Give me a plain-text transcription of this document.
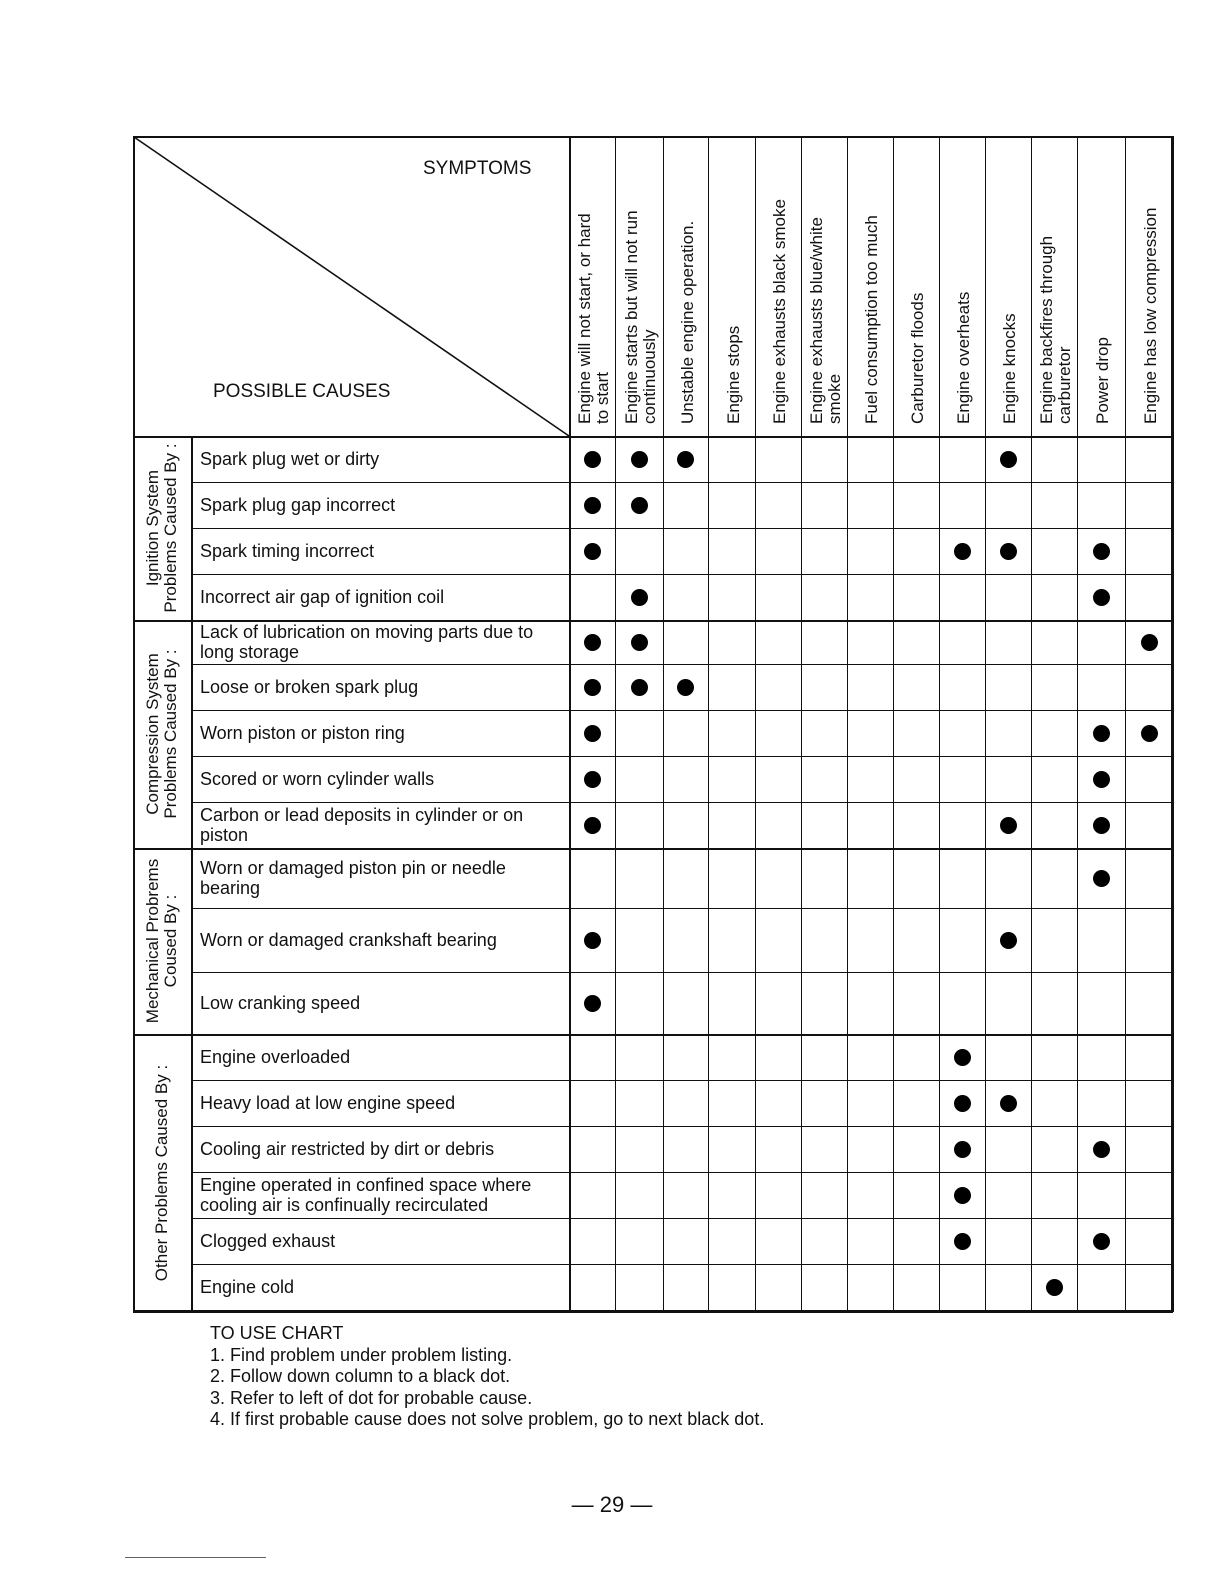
SYMPTOMS
POSSIBLE CAUSES	Engine will not start, or hard to start Engine starts but will not run continuously Unstable engine operation. Engine stops Engine exhausts black smoke Engine exhausts blue/white smoke Fuel consumption too much Carburetor floods Engine overheats Engine knocks Engine backfires through carburetor Power drop Engine has low compression
Spark plug wet or dirty
Spark plug gap incorrect
Spark timing incorrect
Incorrect air gap of ignition coil
Ignition System Problems Caused By :
Lack of lubrication on moving parts due to long storage
Loose or broken spark plug
Worn piston or piston ring
Scored or worn cylinder walls
Carbon or lead deposits in cylinder or on piston
Compression System Problems Caused By :
Worn or damaged piston pin or needle bearing
Worn or damaged crankshaft bearing
Low cranking speed
Mechanical Probrems Coused By :
Engine overloaded
Heavy load at low engine speed
Cooling air restricted by dirt or debris
Engine operated in confined space where cooling air is confinually recirculated
Clogged exhaust
Engine cold
Other Problems Caused By :
TO USE CHART
1. Find problem under problem listing.
2. Follow down column to a black dot.
3. Refer to left of dot for probable cause.
4. If first probable cause does not solve problem, go to next black dot.
— 29 —
